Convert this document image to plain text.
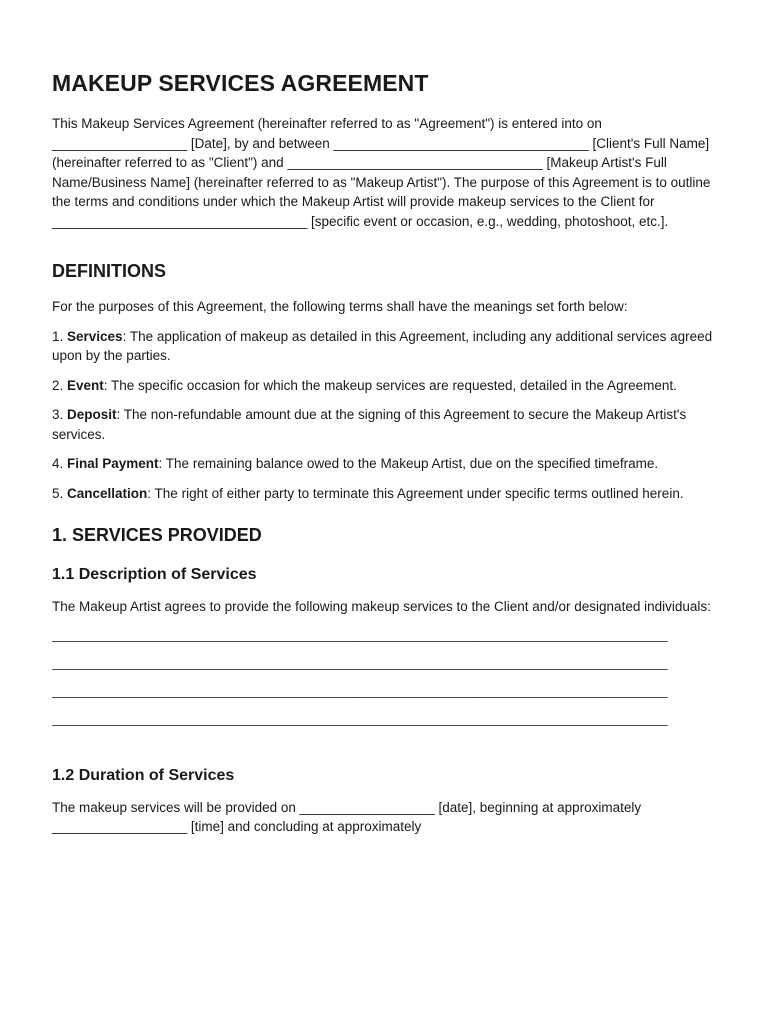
MAKEUP SERVICES AGREEMENT

This Makeup Services Agreement (hereinafter referred to as "Agreement") is entered into on __________________ [Date], by and between __________________________________ [Client's Full Name] (hereinafter referred to as "Client") and __________________________________ [Makeup Artist's Full Name/Business Name] (hereinafter referred to as "Makeup Artist"). The purpose of this Agreement is to outline the terms and conditions under which the Makeup Artist will provide makeup services to the Client for __________________________________ [specific event or occasion, e.g., wedding, photoshoot, etc.].

DEFINITIONS

For the purposes of this Agreement, the following terms shall have the meanings set forth below:

1. Services: The application of makeup as detailed in this Agreement, including any additional services agreed upon by the parties.

2. Event: The specific occasion for which the makeup services are requested, detailed in the Agreement.

3. Deposit: The non-refundable amount due at the signing of this Agreement to secure the Makeup Artist's services.

4. Final Payment: The remaining balance owed to the Makeup Artist, due on the specified timeframe.

5. Cancellation: The right of either party to terminate this Agreement under specific terms outlined herein.

1. SERVICES PROVIDED
1.1 Description of Services

The Makeup Artist agrees to provide the following makeup services to the Client and/or designated individuals:

__________________________________________________________________________________
__________________________________________________________________________________
__________________________________________________________________________________
__________________________________________________________________________________
1.2 Duration of Services

The makeup services will be provided on __________________ [date], beginning at approximately __________________ [time] and concluding at approximately
